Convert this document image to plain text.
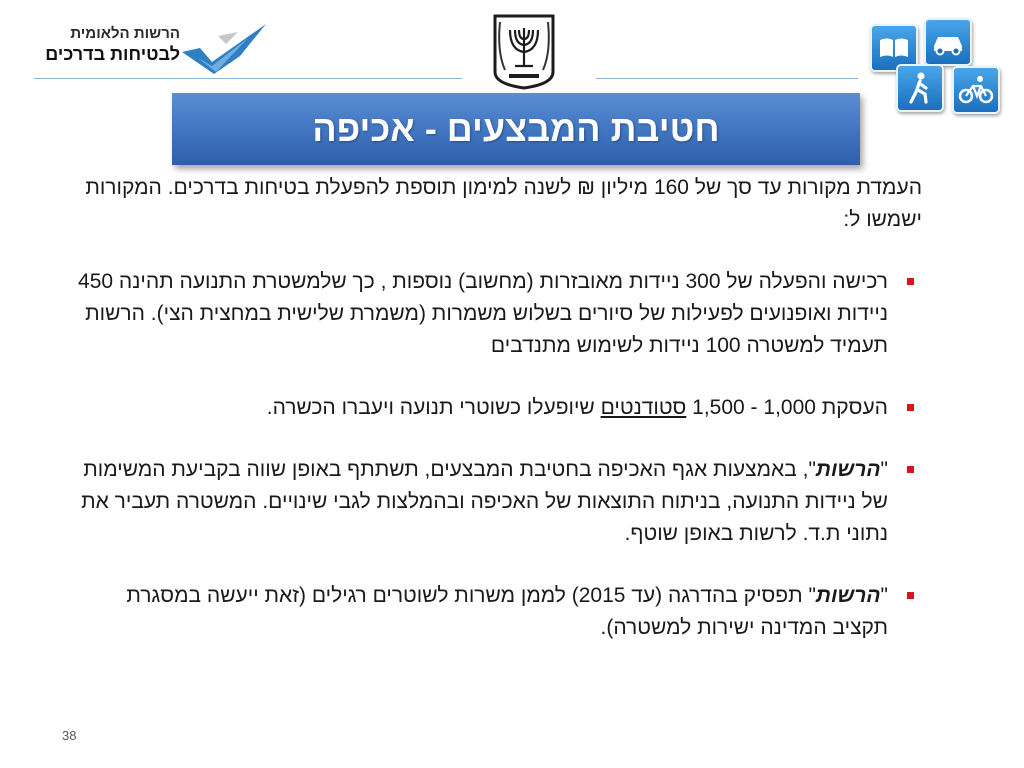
הרשות הלאומית
לבטיחות בדרכים
חטיבת המבצעים - אכיפה

העמדת מקורות עד סך של 160 מיליון ₪ לשנה למימון תוספת להפעלת בטיחות בדרכים. המקורות ישמשו ל:

רכישה והפעלה של 300 ניידות מאובזרות (מחשוב) נוספות , כך שלמשטרת התנועה תהינה 450 ניידות ואופנועים לפעילות של סיורים בשלוש משמרות (משמרת שלישית במחצית הצי). הרשות תעמיד למשטרה 100 ניידות לשימוש מתנדבים
העסקת 1,000 - 1,500 סטודנטים שיופעלו כשוטרי תנועה ויעברו הכשרה.
"הרשות", באמצעות אגף האכיפה בחטיבת המבצעים, תשתתף באופן שווה בקביעת המשימות של ניידות התנועה, בניתוח התוצאות של האכיפה ובהמלצות לגבי שינויים. המשטרה תעביר את נתוני ת.ד. לרשות באופן שוטף.
"הרשות" תפסיק בהדרגה (עד 2015) לממן משרות לשוטרים רגילים (זאת ייעשה במסגרת תקציב המדינה ישירות למשטרה).
38
